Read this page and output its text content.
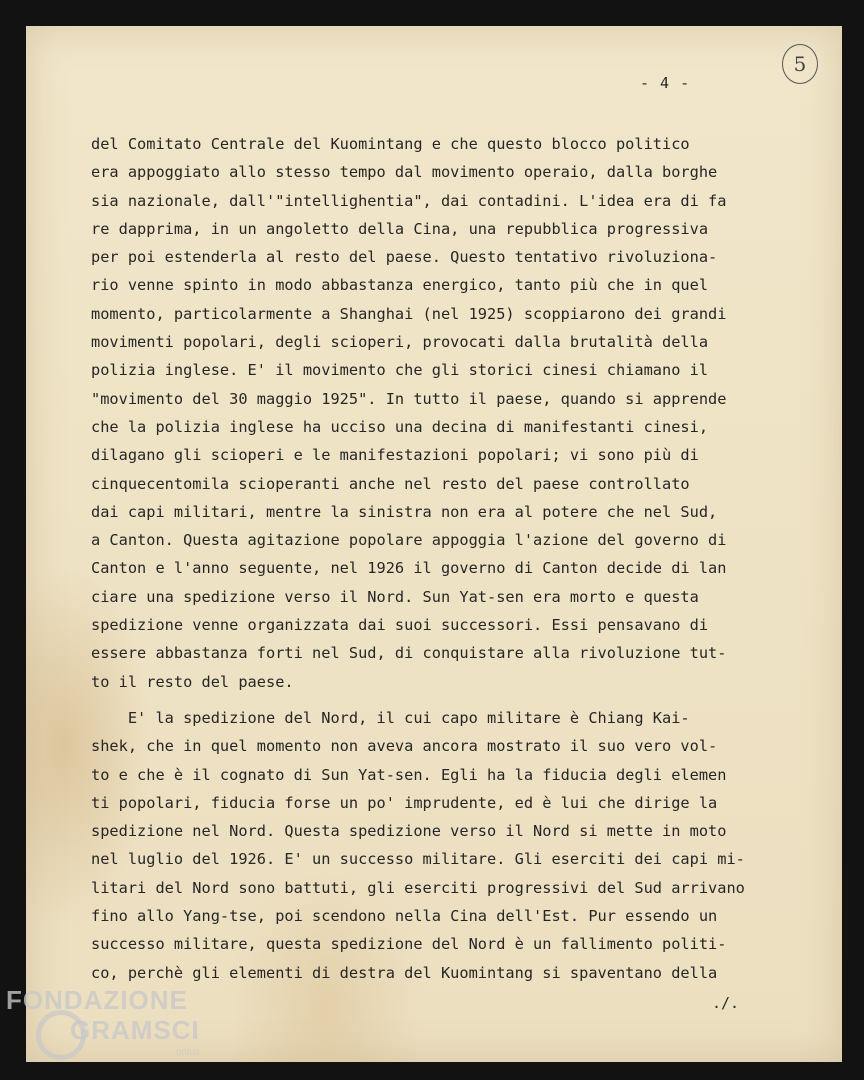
- 4 -
5
del Comitato Centrale del Kuomintang e che questo blocco politico
era appoggiato allo stesso tempo dal movimento operaio, dalla borghe
sia nazionale, dall'"intellighentia", dai contadini. L'idea era di fa
re dapprima, in un angoletto della Cina, una repubblica progressiva
per poi estenderla al resto del paese. Questo tentativo rivoluziona-
rio venne spinto in modo abbastanza energico, tanto più che in quel
momento, particolarmente a Shanghai (nel 1925) scoppiarono dei grandi
movimenti popolari, degli scioperi, provocati dalla brutalità della
polizia inglese. E' il movimento che gli storici cinesi chiamano il
"movimento del 30 maggio 1925". In tutto il paese, quando si apprende
che la polizia inglese ha ucciso una decina di manifestanti cinesi,
dilagano gli scioperi e le manifestazioni popolari; vi sono più di
cinquecentomila scioperanti anche nel resto del paese controllato
dai capi militari, mentre la sinistra non era al potere che nel Sud,
a Canton. Questa agitazione popolare appoggia l'azione del governo di
Canton e l'anno seguente, nel 1926 il governo di Canton decide di lan
ciare una spedizione verso il Nord. Sun Yat-sen era morto e questa
spedizione venne organizzata dai suoi successori. Essi pensavano di
essere abbastanza forti nel Sud, di conquistare alla rivoluzione tut-
to il resto del paese.
E' la spedizione del Nord, il cui capo militare è Chiang Kai-
shek, che in quel momento non aveva ancora mostrato il suo vero vol-
to e che è il cognato di Sun Yat-sen. Egli ha la fiducia degli elemen
ti popolari, fiducia forse un po' imprudente, ed è lui che dirige la
spedizione nel Nord. Questa spedizione verso il Nord si mette in moto
nel luglio del 1926. E' un successo militare. Gli eserciti dei capi mi-
litari del Nord sono battuti, gli eserciti progressivi del Sud arrivano
fino allo Yang-tse, poi scendono nella Cina dell'Est. Pur essendo un
successo militare, questa spedizione del Nord è un fallimento politi-
co, perchè gli elementi di destra del Kuomintang si spaventano della
./.
FONDAZIONE
GRAMSCI
onlus
